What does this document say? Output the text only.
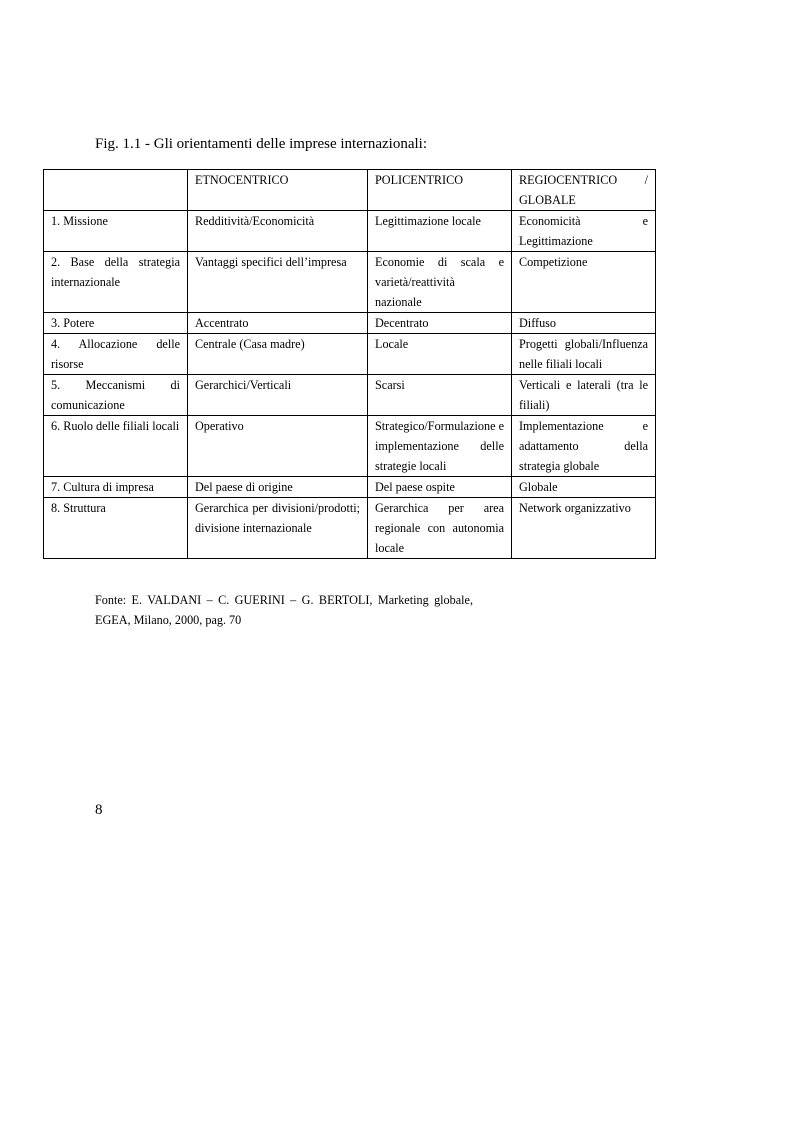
Fig. 1.1 - Gli orientamenti delle imprese internazionali:
	ETNOCENTRICO	POLICENTRICO	REGIOCENTRICO / GLOBALE
1. Missione	Redditività/Economicità	Legittimazione locale	Economicità e Legittimazione
2. Base della strategia internazionale	Vantaggi specifici dell’impresa	Economie di scala e varietà/reattività nazionale	Competizione
3. Potere	Accentrato	Decentrato	Diffuso
4. Allocazione delle risorse	Centrale (Casa madre)	Locale	Progetti globali/Influenza nelle filiali locali
5. Meccanismi di comunicazione	Gerarchici/Verticali	Scarsi	Verticali e laterali (tra le filiali)
6. Ruolo delle filiali locali	Operativo	Strategico/Formulazione e implementazione delle strategie locali	Implementazione e adattamento della strategia globale
7. Cultura di impresa	Del paese di origine	Del paese ospite	Globale
8. Struttura	Gerarchica per divisioni/prodotti; divisione internazionale	Gerarchica per area regionale con autonomia locale	Network organizzativo
Fonte: E. VALDANI – C. GUERINI – G. BERTOLI, Marketing globale, EGEA, Milano, 2000, pag. 70
8
